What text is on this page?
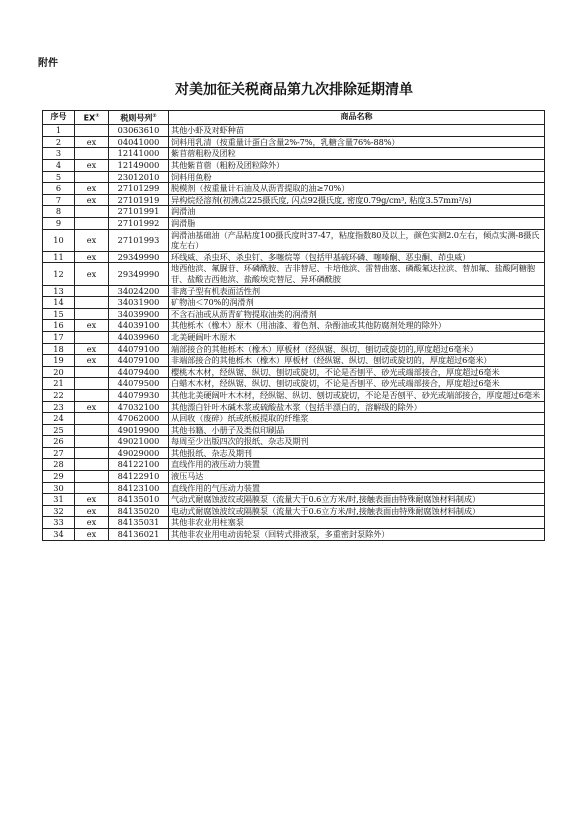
附件
对美加征关税商品第九次排除延期清单
序号	EX①	税则号列②	商品名称
1		03063610	其他小虾及对虾种苗
2	ex	04041000	饲料用乳清（按重量计蛋白含量2%-7%，乳糖含量76%-88%）
3		12141000	紫苜蓿粗粉及团粒
4	ex	12149000	其他紫苜蓿（粗粉及团粒除外）
5		23012010	饲料用鱼粉
6	ex	27101299	脱模剂（按重量计石油及从沥青提取的油≥70%）
7	ex	27101919	异构烷烃溶剂(初沸点225摄氏度, 闪点92摄氏度, 密度0.79g/cm³, 粘度3.57mm²/s)
8		27101991	润滑油
9		27101992	润滑脂
10	ex	27101993	润滑油基础油（产品粘度100摄氏度时37-47，粘度指数80及以上，颜色实测2.0左右，倾点实测-8摄氏度左右）
11	ex	29349990	环线威、杀虫环、杀虫钉、多噻烷等（包括甲基硫环磷、噻嗪酮、恶虫酮、茚虫威）
12	ex	29349990	地西他滨、氟脲苷、环磷酰胺、吉非替尼、卡培他滨、雷替曲塞、磷酸氟达拉滨、替加氟、盐酸阿糖胞苷、盐酸吉西他滨、盐酸埃克替尼、异环磷酰胺
13		34024200	非离子型有机表面活性剂
14		34031900	矿物油＜70%的润滑剂
15		34039900	不含石油或从沥青矿物提取油类的润滑剂
16	ex	44039100	其他栎木（橡木）原木（用油漆、着色剂、杂酚油或其他防腐剂处理的除外）
17		44039960	北美硬阔叶木原木
18	ex	44079100	端部接合的其他栎木（橡木）厚板材（经纵锯、纵切、刨切或旋切的,厚度超过6毫米）
19	ex	44079100	非端部接合的其他栎木（橡木）厚板材（经纵锯、纵切、刨切或旋切的，厚度超过6毫米）
20		44079400	樱桃木木材，经纵锯、纵切、刨切或旋切，不论是否刨平、砂光或端部接合，厚度超过6毫米
21		44079500	白蜡木木材，经纵锯、纵切、刨切或旋切，不论是否刨平、砂光或端部接合，厚度超过6毫米
22		44079930	其他北美硬阔叶木木材，经纵锯、纵切、刨切或旋切，不论是否刨平、砂光或端部接合，厚度超过6毫米
23	ex	47032100	其他漂白针叶木碱木浆或硫酸盐木浆（包括半漂白的，溶解级的除外）
24		47062000	从回收（废碎）纸或纸板提取的纤维浆
25		49019900	其他书籍、小册子及类似印刷品
26		49021000	每周至少出版四次的报纸、杂志及期刊
27		49029000	其他报纸、杂志及期刊
28		84122100	直线作用的液压动力装置
29		84122910	液压马达
30		84123100	直线作用的气压动力装置
31	ex	84135010	气动式耐腐蚀波纹或隔膜泵（流量大于0.6立方米/时,接触表面由特殊耐腐蚀材料制成）
32	ex	84135020	电动式耐腐蚀波纹或隔膜泵（流量大于0.6立方米/时,接触表面由特殊耐腐蚀材料制成）
33	ex	84135031	其他非农业用柱塞泵
34	ex	84136021	其他非农业用电动齿轮泵（回转式排液泵，多重密封泵除外）
